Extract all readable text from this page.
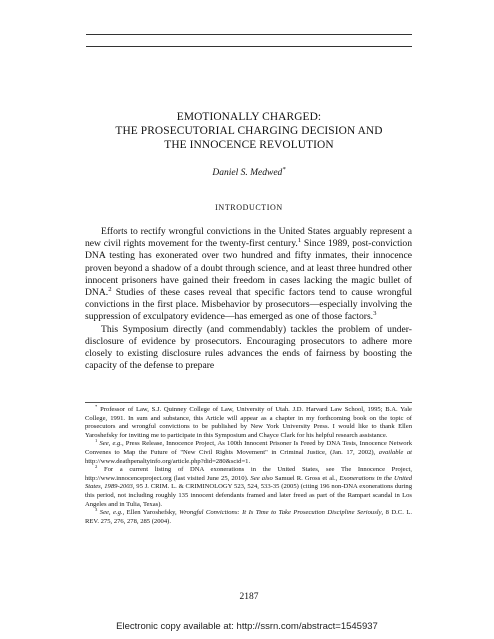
EMOTIONALLY CHARGED:
THE PROSECUTORIAL CHARGING DECISION AND
THE INNOCENCE REVOLUTION
Daniel S. Medwed*
INTRODUCTION

Efforts to rectify wrongful convictions in the United States arguably represent a new civil rights movement for the twenty-first century.$^1$ Since 1989, post-conviction DNA testing has exonerated over two hundred and fifty inmates, their innocence proven beyond a shadow of a doubt through science, and at least three hundred other innocent prisoners have gained their freedom in cases lacking the magic bullet of DNA.$^2$ Studies of these cases reveal that specific factors tend to cause wrongful convictions in the first place. Misbehavior by prosecutors—especially involving the suppression of exculpatory evidence—has emerged as one of those factors.$^3$

This Symposium directly (and commendably) tackles the problem of under-disclosure of evidence by prosecutors. Encouraging prosecutors to adhere more closely to existing disclosure rules advances the ends of fairness by boosting the capacity of the defense to prepare

* Professor of Law, S.J. Quinney College of Law, University of Utah. J.D. Harvard Law School, 1995; B.A. Yale College, 1991. In sum and substance, this Article will appear as a chapter in my forthcoming book on the topic of prosecutors and wrongful convictions to be published by New York University Press. I would like to thank Ellen Yaroshefsky for inviting me to participate in this Symposium and Chayce Clark for his helpful research assistance.

$^1$ See, e.g., Press Release, Innocence Project, As 100th Innocent Prisoner Is Freed by DNA Tests, Innocence Network Convenes to Map the Future of "New Civil Rights Movement" in Criminal Justice, (Jan. 17, 2002), available at http://www.deathpenaltyinfo.org/article.php?did=280&scid=1.

$^2$ For a current listing of DNA exonerations in the United States, see The Innocence Project, http://www.innocenceproject.org (last visited June 25, 2010). See also Samuel R. Gross et al., Exonerations in the United States, 1989-2003, 95 J. CRIM. L. & CRIMINOLOGY 523, 524, 533-35 (2005) (citing 196 non-DNA exonerations during this period, not including roughly 135 innocent defendants framed and later freed as part of the Rampart scandal in Los Angeles and in Tulia, Texas).

$^3$ See, e.g., Ellen Yaroshefsky, Wrongful Convictions: It Is Time to Take Prosecution Discipline Seriously, 8 D.C. L. REV. 275, 276, 278, 285 (2004).

2187
Electronic copy available at: http://ssrn.com/abstract=1545937
